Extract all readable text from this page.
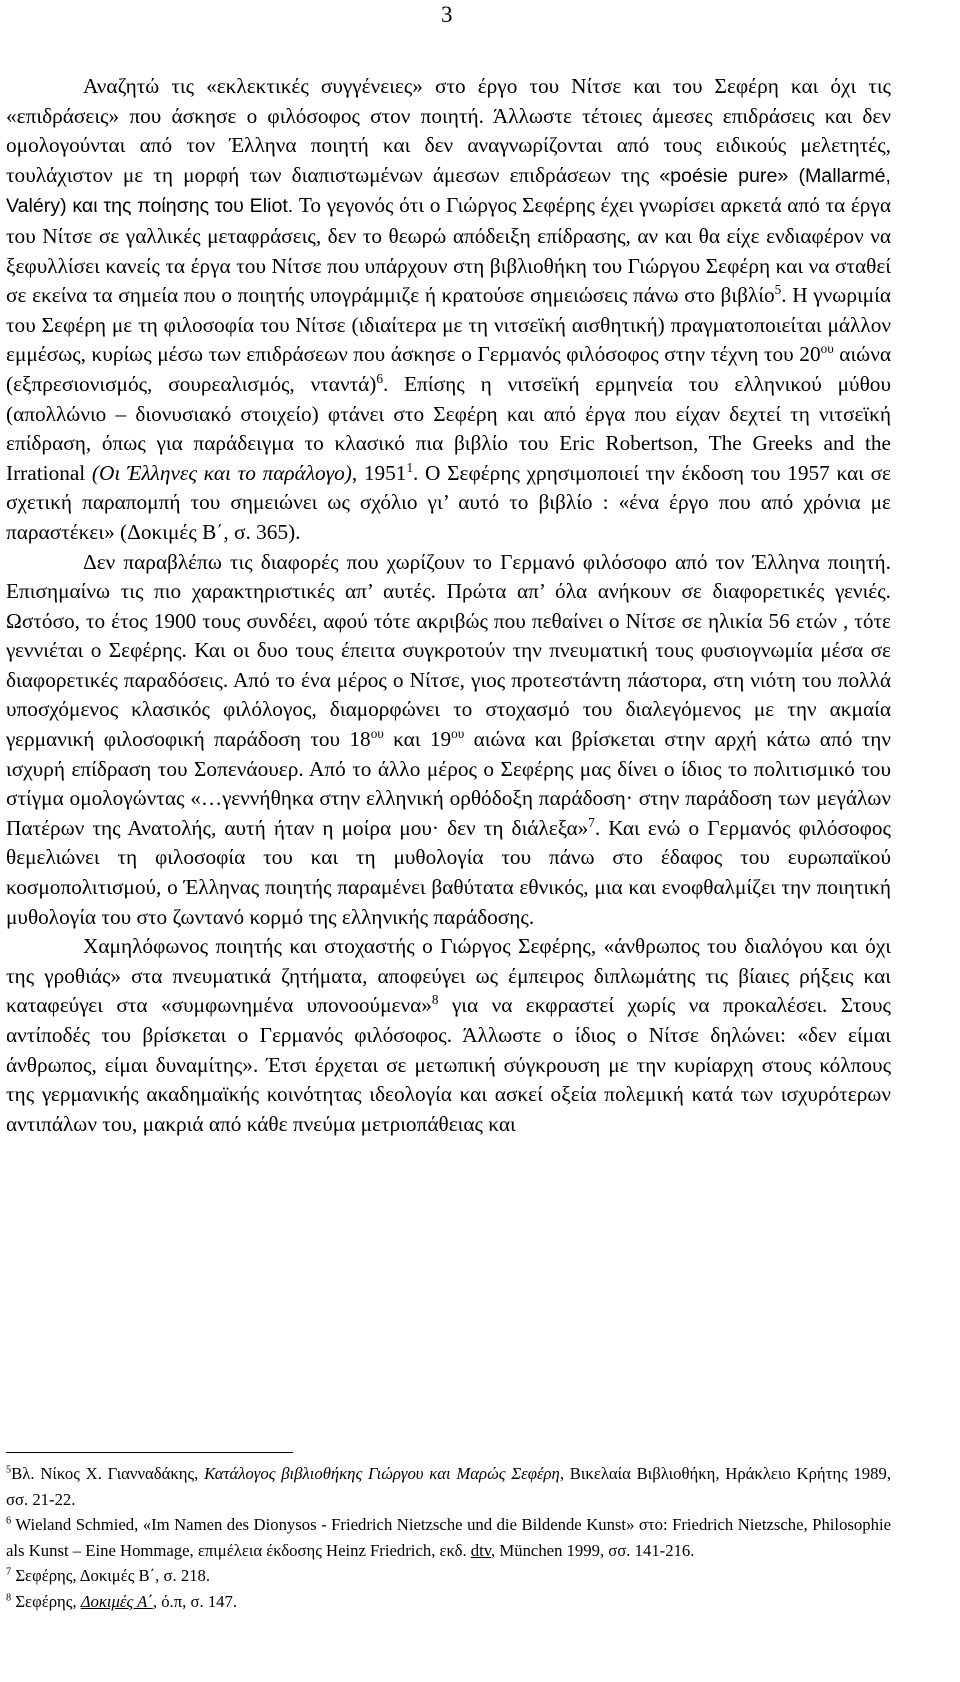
3

Αναζητώ τις «εκλεκτικές συγγένειες» στο έργο του Νίτσε και του Σεφέρη και όχι τις «επιδράσεις» που άσκησε ο φιλόσοφος στον ποιητή. Άλλωστε τέτοιες άμεσες επιδράσεις και δεν ομολογούνται από τον Έλληνα ποιητή και δεν αναγνωρίζονται από τους ειδικούς μελετητές, τουλάχιστον με τη μορφή των διαπιστωμένων άμεσων επιδράσεων της «poésie pure» (Mallarmé, Valéry) και της ποίησης του Eliot. Το γεγονός ότι ο Γιώργος Σεφέρης έχει γνωρίσει αρκετά από τα έργα του Νίτσε σε γαλλικές μεταφράσεις, δεν το θεωρώ απόδειξη επίδρασης, αν και θα είχε ενδιαφέρον να ξεφυλλίσει κανείς τα έργα του Νίτσε που υπάρχουν στη βιβλιοθήκη του Γιώργου Σεφέρη και να σταθεί σε εκείνα τα σημεία που ο ποιητής υπογράμμιζε ή κρατούσε σημειώσεις πάνω στο βιβλίο$^5$. Η γνωριμία του Σεφέρη με τη φιλοσοφία του Νίτσε (ιδιαίτερα με τη νιτσεϊκή αισθητική) πραγματοποιείται μάλλον εμμέσως, κυρίως μέσω των επιδράσεων που άσκησε ο Γερμανός φιλόσοφος στην τέχνη του $20^{o\upsilon}$ αιώνα (εξπρεσιονισμός, σουρεαλισμός, νταντά)$^6$. Επίσης η νιτσεϊκή ερμηνεία του ελληνικού μύθου (απολλώνιο – διονυσιακό στοιχείο) φτάνει στο Σεφέρη και από έργα που είχαν δεχτεί τη νιτσεϊκή επίδραση, όπως για παράδειγμα το κλασικό πια βιβλίο του Eric Robertson, The Greeks and the Irrational (Οι Έλληνες και το παράλογο), 1951$^1$. Ο Σεφέρης χρησιμοποιεί την έκδοση του 1957 και σε σχετική παραπομπή του σημειώνει ως σχόλιο γι’ αυτό το βιβλίο : «ένα έργο που από χρόνια με παραστέκει» (Δοκιμές Β΄, σ. 365).

Δεν παραβλέπω τις διαφορές που χωρίζουν το Γερμανό φιλόσοφο από τον Έλληνα ποιητή. Επισημαίνω τις πιο χαρακτηριστικές απ’ αυτές. Πρώτα απ’ όλα ανήκουν σε διαφορετικές γενιές. Ωστόσο, το έτος 1900 τους συνδέει, αφού τότε ακριβώς που πεθαίνει ο Νίτσε σε ηλικία 56 ετών , τότε γεννιέται ο Σεφέρης. Και οι δυο τους έπειτα συγκροτούν την πνευματική τους φυσιογνωμία μέσα σε διαφορετικές παραδόσεις. Από το ένα μέρος ο Νίτσε, γιος προτεστάντη πάστορα, στη νιότη του πολλά υποσχόμενος κλασικός φιλόλογος, διαμορφώνει το στοχασμό του διαλεγόμενος με την ακμαία γερμανική φιλοσοφική παράδοση του $18^{o\upsilon}$ και $19^{o\upsilon}$ αιώνα και βρίσκεται στην αρχή κάτω από την ισχυρή επίδραση του Σοπενάουερ. Από το άλλο μέρος ο Σεφέρης μας δίνει ο ίδιος το πολιτισμικό του στίγμα ομολογώντας «…γεννήθηκα στην ελληνική ορθόδοξη παράδοση· στην παράδοση των μεγάλων Πατέρων της Ανατολής, αυτή ήταν η μοίρα μου· δεν τη διάλεξα»$^7$. Και ενώ ο Γερμανός φιλόσοφος θεμελιώνει τη φιλοσοφία του και τη μυθολογία του πάνω στο έδαφος του ευρωπαϊκού κοσμοπολιτισμού, ο Έλληνας ποιητής παραμένει βαθύτατα εθνικός, μια και ενοφθαλμίζει την ποιητική μυθολογία του στο ζωντανό κορμό της ελληνικής παράδοσης.

Χαμηλόφωνος ποιητής και στοχαστής ο Γιώργος Σεφέρης, «άνθρωπος του διαλόγου και όχι της γροθιάς» στα πνευματικά ζητήματα, αποφεύγει ως έμπειρος διπλωμάτης τις βίαιες ρήξεις και καταφεύγει στα «συμφωνημένα υπονοούμενα»$^8$ για να εκφραστεί χωρίς να προκαλέσει. Στους αντίποδές του βρίσκεται ο Γερμανός φιλόσοφος. Άλλωστε ο ίδιος ο Νίτσε δηλώνει: «δεν είμαι άνθρωπος, είμαι δυναμίτης». Έτσι έρχεται σε μετωπική σύγκρουση με την κυρίαρχη στους κόλπους της γερμανικής ακαδημαϊκής κοινότητας ιδεολογία και ασκεί οξεία πολεμική κατά των ισχυρότερων αντιπάλων του, μακριά από κάθε πνεύμα μετριοπάθειας και

$^5$Βλ. Νίκος Χ. Γιανναδάκης, Κατάλογος βιβλιοθήκης Γιώργου και Μαρώς Σεφέρη, Βικελαία Βιβλιοθήκη, Ηράκλειο Κρήτης 1989, σσ. 21-22.

$^6$ Wieland Schmied, «Im Namen des Dionysos - Friedrich Nietzsche und die Bildende Kunst» στο: Friedrich Nietzsche, Philosophie als Kunst – Eine Hommage, επιμέλεια έκδοσης Heinz Friedrich, εκδ. dtv, München 1999, σσ. 141-216.

$^7$ Σεφέρης, Δοκιμές Β΄, σ. 218.

$^8$ Σεφέρης, Δοκιμές Α΄, ό.π, σ. 147.
